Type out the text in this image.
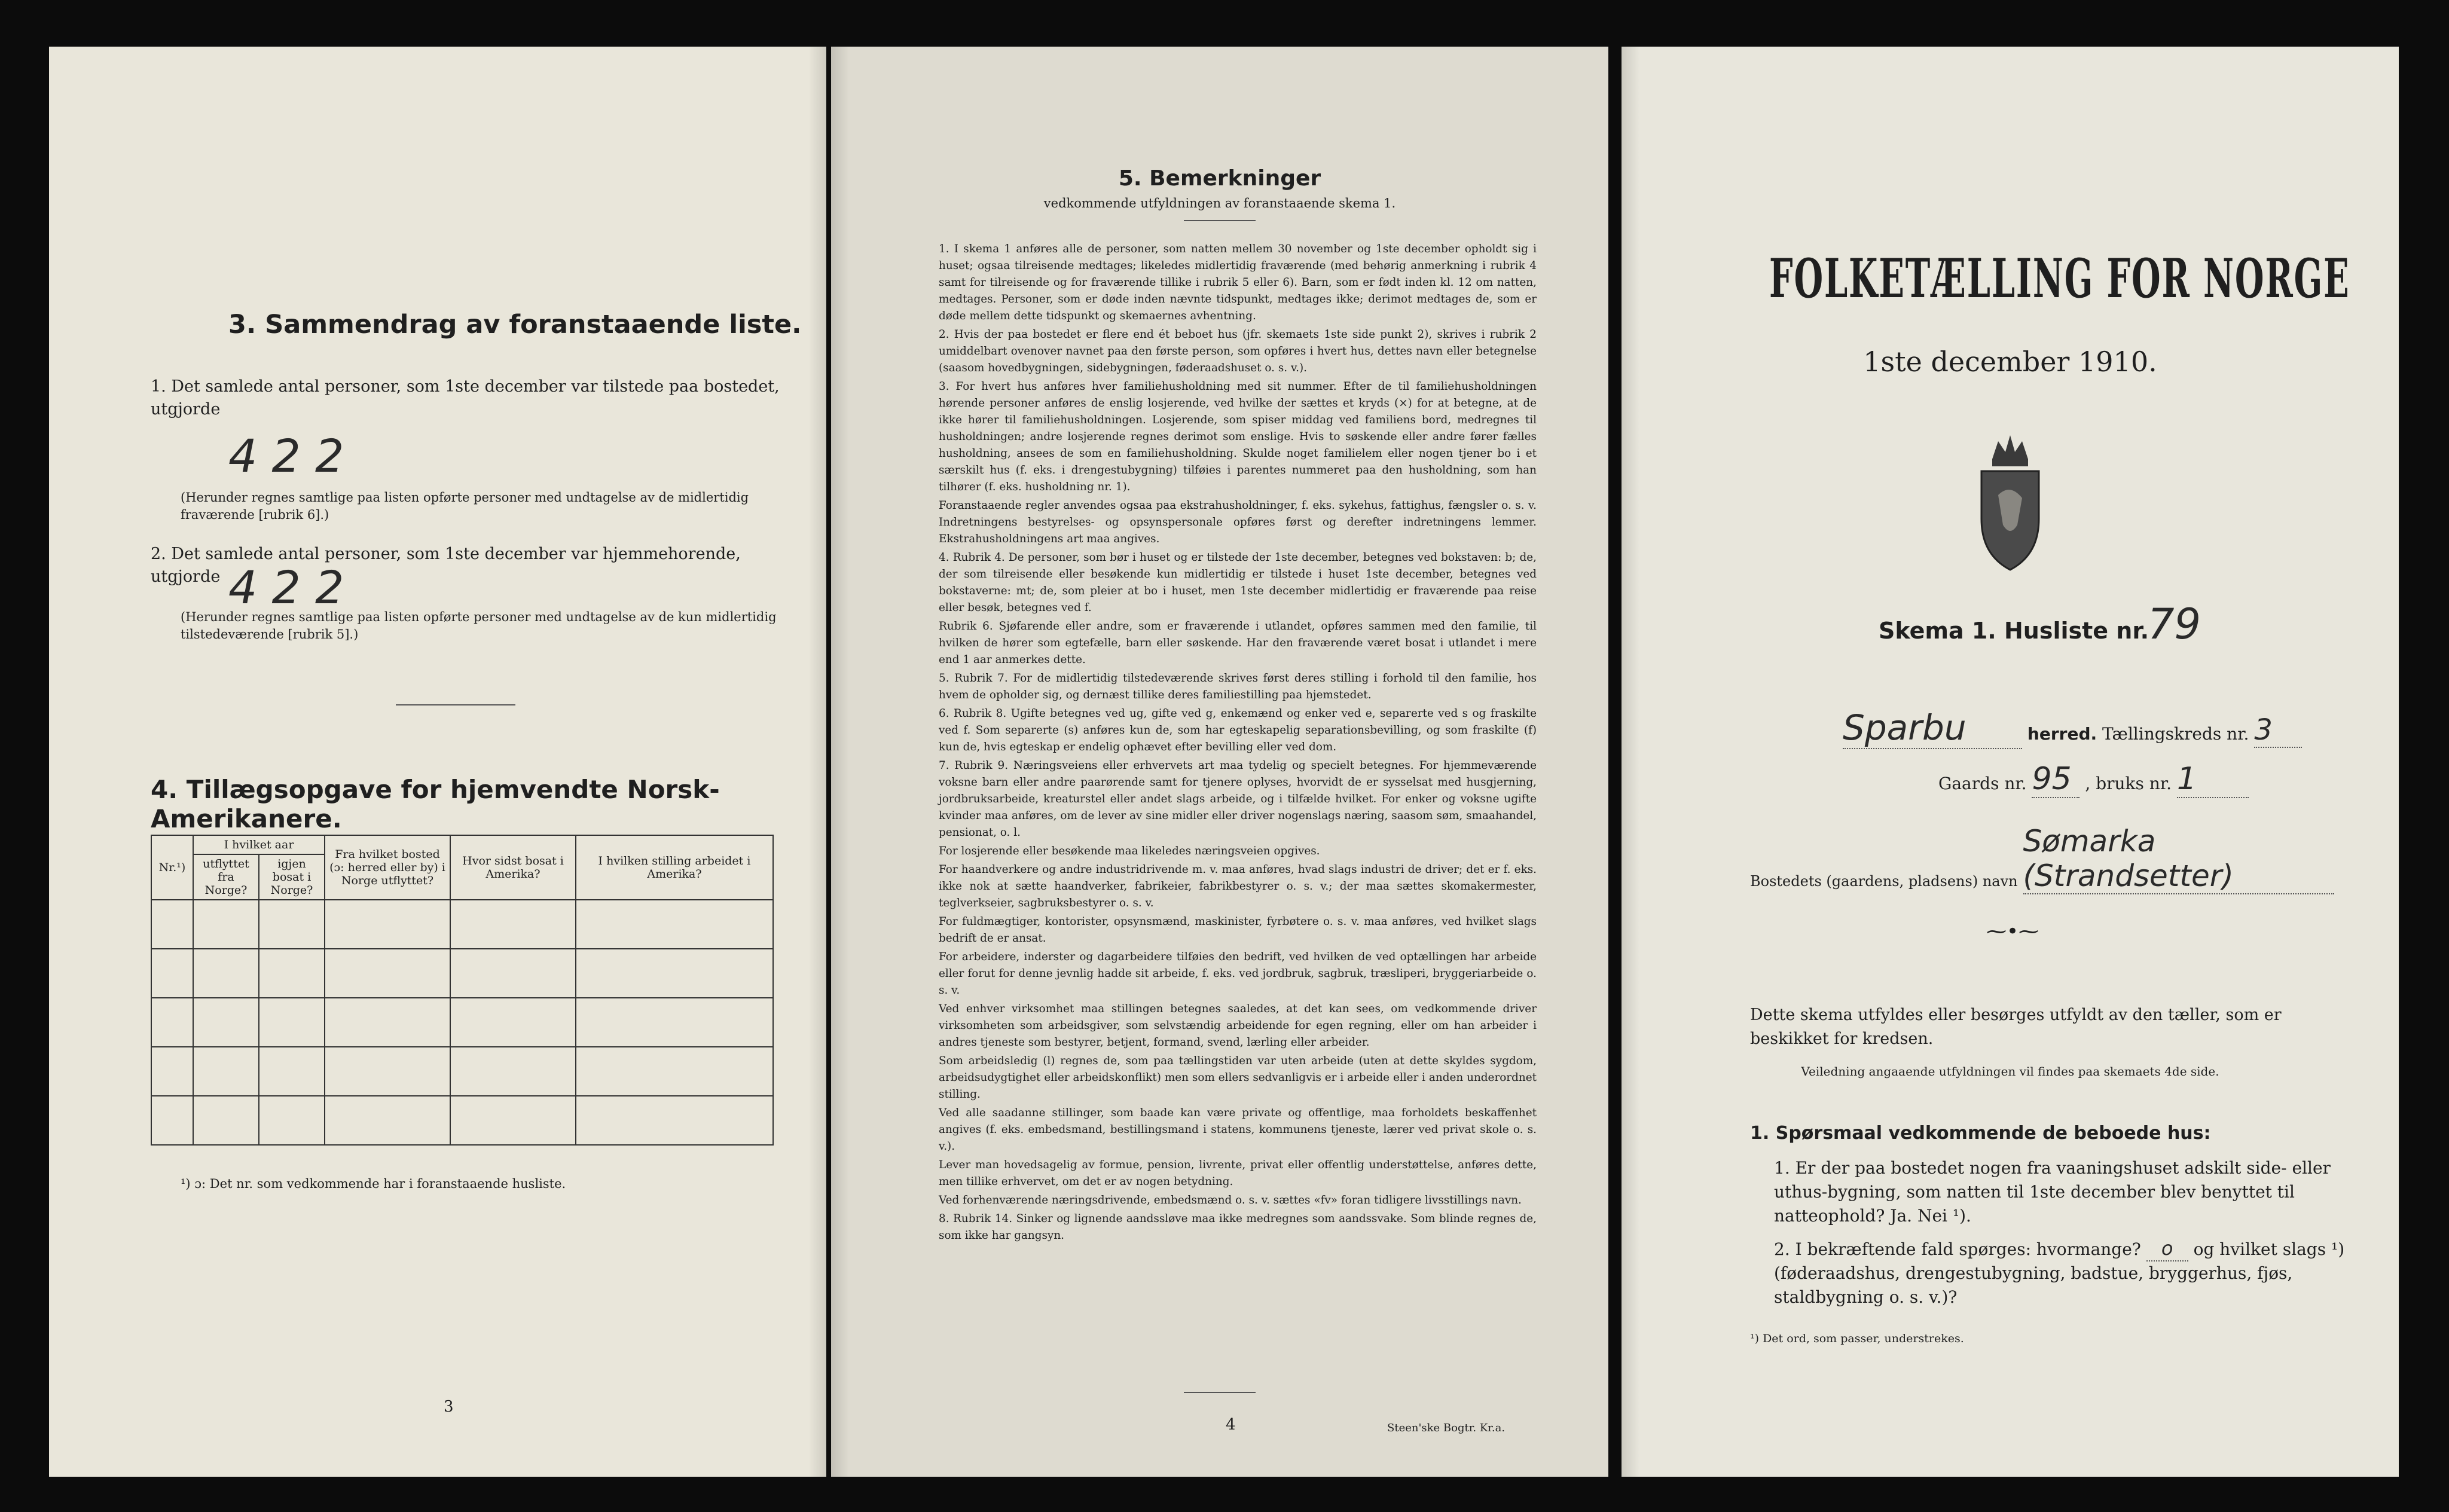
3. Sammendrag av foranstaaende liste.
1. Det samlede antal personer, som 1ste december var tilstede paa bostedet, utgjorde
4 2 2
(Herunder regnes samtlige paa listen opførte personer med undtagelse av de midlertidig fraværende [rubrik 6].)
2. Det samlede antal personer, som 1ste december var hjemmehorende, utgjorde 4 2 2
(Herunder regnes samtlige paa listen opførte personer med undtagelse av de kun midlertidig tilstedeværende [rubrik 5].)
4. Tillægsopgave for hjemvendte Norsk-Amerikanere.
Nr.¹)	I hvilket aar		Fra hvilket bosted (ɔ: herred eller by) i Norge utflyttet?	Hvor sidst bosat i Amerika?	I hvilken stilling arbeidet i Amerika?
	utflyttet fra Norge?	igjen bosat i Norge?			

¹) ɔ: Det nr. som vedkommende har i foranstaaende husliste.
3
5. Bemerkninger
vedkommende utfyldningen av foranstaaende skema 1.

1. I skema 1 anføres alle de personer, som natten mellem 30 november og 1ste december opholdt sig i huset; ogsaa tilreisende medtages; likeledes midlertidig fraværende (med behørig anmerkning i rubrik 4 samt for tilreisende og for fraværende tillike i rubrik 5 eller 6). Barn, som er født inden kl. 12 om natten, medtages. Personer, som er døde inden nævnte tidspunkt, medtages ikke; derimot medtages de, som er døde mellem dette tidspunkt og skemaernes avhentning.

2. Hvis der paa bostedet er flere end ét beboet hus (jfr. skemaets 1ste side punkt 2), skrives i rubrik 2 umiddelbart ovenover navnet paa den første person, som opføres i hvert hus, dettes navn eller betegnelse (saasom hovedbygningen, sidebygningen, føderaadshuset o. s. v.).

3. For hvert hus anføres hver familiehusholdning med sit nummer. Efter de til familiehusholdningen hørende personer anføres de enslig losjerende, ved hvilke der sættes et kryds (×) for at betegne, at de ikke hører til familiehusholdningen. Losjerende, som spiser middag ved familiens bord, medregnes til husholdningen; andre losjerende regnes derimot som enslige. Hvis to søskende eller andre fører fælles husholdning, ansees de som en familiehusholdning. Skulde noget familielem eller nogen tjener bo i et særskilt hus (f. eks. i drengestubygning) tilføies i parentes nummeret paa den husholdning, som han tilhører (f. eks. husholdning nr. 1).

Foranstaaende regler anvendes ogsaa paa ekstrahusholdninger, f. eks. sykehus, fattighus, fængsler o. s. v. Indretningens bestyrelses- og opsynspersonale opføres først og derefter indretningens lemmer. Ekstrahusholdningens art maa angives.

4. Rubrik 4. De personer, som bør i huset og er tilstede der 1ste december, betegnes ved bokstaven: b; de, der som tilreisende eller besøkende kun midlertidig er tilstede i huset 1ste december, betegnes ved bokstaverne: mt; de, som pleier at bo i huset, men 1ste december midlertidig er fraværende paa reise eller besøk, betegnes ved f.

Rubrik 6. Sjøfarende eller andre, som er fraværende i utlandet, opføres sammen med den familie, til hvilken de hører som egtefælle, barn eller søskende. Har den fraværende været bosat i utlandet i mere end 1 aar anmerkes dette.

5. Rubrik 7. For de midlertidig tilstedeværende skrives først deres stilling i forhold til den familie, hos hvem de opholder sig, og dernæst tillike deres familiestilling paa hjemstedet.

6. Rubrik 8. Ugifte betegnes ved ug, gifte ved g, enkemænd og enker ved e, separerte ved s og fraskilte ved f. Som separerte (s) anføres kun de, som har egteskapelig separationsbevilling, og som fraskilte (f) kun de, hvis egteskap er endelig ophævet efter bevilling eller ved dom.

7. Rubrik 9. Næringsveiens eller erhvervets art maa tydelig og specielt betegnes. For hjemmeværende voksne barn eller andre paarørende samt for tjenere oplyses, hvorvidt de er sysselsat med husgjerning, jordbruksarbeide, kreaturstel eller andet slags arbeide, og i tilfælde hvilket. For enker og voksne ugifte kvinder maa anføres, om de lever av sine midler eller driver nogenslags næring, saasom søm, smaahandel, pensionat, o. l.

For losjerende eller besøkende maa likeledes næringsveien opgives.

For haandverkere og andre industridrivende m. v. maa anføres, hvad slags industri de driver; det er f. eks. ikke nok at sætte haandverker, fabrikeier, fabrikbestyrer o. s. v.; der maa sættes skomakermester, teglverkseier, sagbruksbestyrer o. s. v.

For fuldmægtiger, kontorister, opsynsmænd, maskinister, fyrbøtere o. s. v. maa anføres, ved hvilket slags bedrift de er ansat.

For arbeidere, inderster og dagarbeidere tilføies den bedrift, ved hvilken de ved optællingen har arbeide eller forut for denne jevnlig hadde sit arbeide, f. eks. ved jordbruk, sagbruk, træsliperi, bryggeriarbeide o. s. v.

Ved enhver virksomhet maa stillingen betegnes saaledes, at det kan sees, om vedkommende driver virksomheten som arbeidsgiver, som selvstændig arbeidende for egen regning, eller om han arbeider i andres tjeneste som bestyrer, betjent, formand, svend, lærling eller arbeider.

Som arbeidsledig (l) regnes de, som paa tællingstiden var uten arbeide (uten at dette skyldes sygdom, arbeidsudygtighet eller arbeidskonflikt) men som ellers sedvanligvis er i arbeide eller i anden underordnet stilling.

Ved alle saadanne stillinger, som baade kan være private og offentlige, maa forholdets beskaffenhet angives (f. eks. embedsmand, bestillingsmand i statens, kommunens tjeneste, lærer ved privat skole o. s. v.).

Lever man hovedsagelig av formue, pension, livrente, privat eller offentlig understøttelse, anføres dette, men tillike erhvervet, om det er av nogen betydning.

Ved forhenværende næringsdrivende, embedsmænd o. s. v. sættes «fv» foran tidligere livsstillings navn.

8. Rubrik 14. Sinker og lignende aandssløve maa ikke medregnes som aandssvake. Som blinde regnes de, som ikke har gangsyn.

4	Steen'ske Bogtr. Kr.a.
FOLKETÆLLING FOR NORGE
1ste december 1910.
Skema 1. Husliste nr.
79
Sparbu	herred. Tællingskreds nr. 3
Gaards nr. 95 , bruks nr. 1
Bostedets (gaardens, pladsens) navn Sømarka (Strandsetter)
⁓•⁓
Dette skema utfyldes eller besørges utfyldt av den tæller, som er beskikket for kredsen.
Veiledning angaaende utfyldningen vil findes paa skemaets 4de side.
1. Spørsmaal vedkommende de beboede hus:
1. Er der paa bostedet nogen fra vaaningshuset adskilt side- eller uthus-bygning, som natten til 1ste december blev benyttet til natteophold? Ja. Nei ¹).
2. I bekræftende fald spørges: hvormange? o og hvilket slags ¹) (føderaadshus, drengestubygning, badstue, bryggerhus, fjøs, staldbygning o. s. v.)?
¹) Det ord, som passer, understrekes.
